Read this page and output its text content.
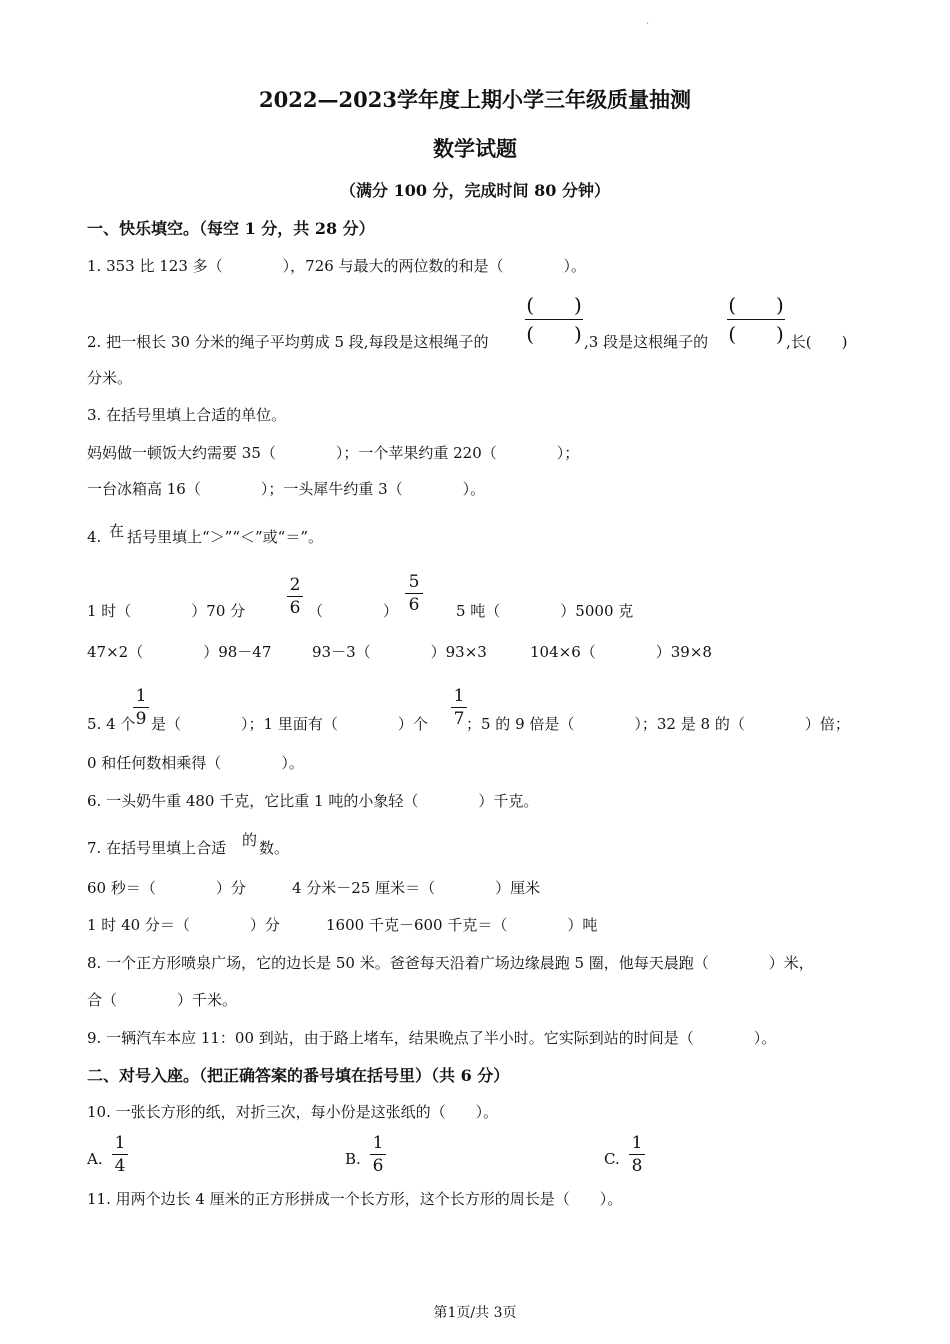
.
2022—2023学年度上期小学三年级质量抽测
数学试题
（满分 100 分，完成时间 80 分钟）
一、快乐填空。（每空 1 分，共 28 分）
1. 353 比 123 多（　　　　），726 与最大的两位数的和是（　　　　）。
2. 把一根长 30 分米的绳子平均剪成 5 段,每段是这根绳子的
(　　)
(　　) ,3 段是这根绳子的
(　　)
(　　) ,长(　　)
分米。
3. 在括号里填上合适的单位。
妈妈做一顿饭大约需要 35（　　　　）；一个苹果约重 220（　　　　）；
一台冰箱高 16（　　　　）；一头犀牛约重 3（　　　　）。
4. 在 括号里填上“＞”“＜”或“＝”。
1 时（　　　　）70 分
2
6 （　　　　）
5
6 5 吨（　　　　）5000 克
47×2（　　　　）98－47	93－3（　　　　）93×3	104×6（　　　　）39×8
5. 4 个
1
9 是（　　　　）；1 里面有（　　　　）个
1
7 ；5 的 9 倍是（　　　　）；32 是 8 的（　　　　）倍；
0 和任何数相乘得（　　　　）。
6. 一头奶牛重 480 千克，它比重 1 吨的小象轻（　　　　）千克。
7. 在括号里填上合适 的 数。
60 秒＝（　　　　）分	4 分米－25 厘米＝（　　　　）厘米
1 时 40 分＝（　　　　）分	1600 千克－600 千克＝（　　　　）吨
8. 一个正方形喷泉广场，它的边长是 50 米。爸爸每天沿着广场边缘晨跑 5 圈，他每天晨跑（　　　　）米，
合（　　　　）千米。
9. 一辆汽车本应 11：00 到站，由于路上堵车，结果晚点了半小时。它实际到站的时间是（　　　　）。
二、对号入座。（把正确答案的番号填在括号里）（共 6 分）
10. 一张长方形的纸，对折三次，每小份是这张纸的（　　）。
A.
1
4	B.
1
6	C.
1
8
11. 用两个边长 4 厘米的正方形拼成一个长方形，这个长方形的周长是（　　）。
第1页/共 3页
